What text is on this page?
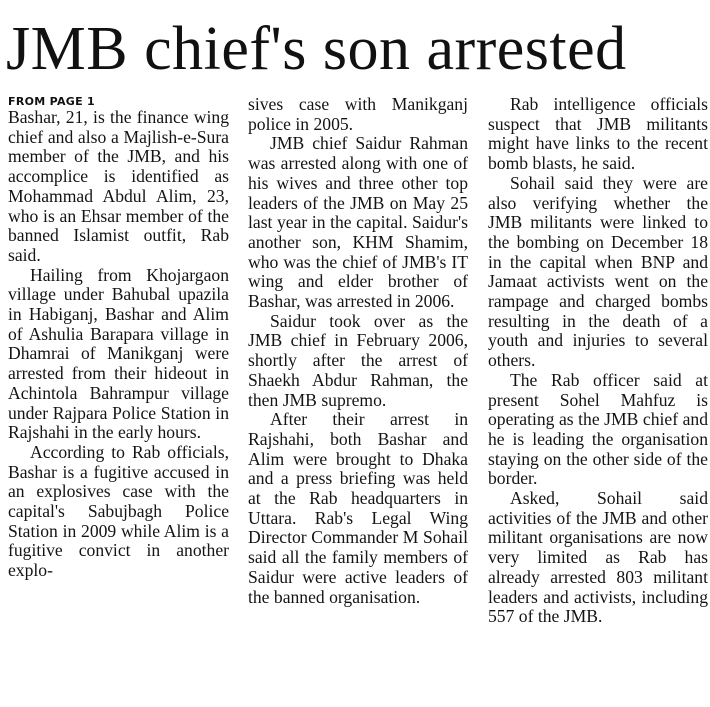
JMB chief's son arrested
FROM PAGE 1

Bashar, 21, is the finance wing chief and also a Majlish-e-Sura member of the JMB, and his accomplice is identified as Mohammad Abdul Alim, 23, who is an Ehsar member of the banned Islamist outfit, Rab said.

Hailing from Khojargaon village under Bahubal upazila in Habiganj, Bashar and Alim of Ashulia Barapara village in Dhamrai of Manikganj were arrested from their hideout in Achintola Bahrampur village under Rajpara Police Station in Rajshahi in the early hours.

According to Rab officials, Bashar is a fugitive accused in an explosives case with the capital's Sabujbagh Police Station in 2009 while Alim is a fugitive convict in another explo-

sives case with Manikganj police in 2005.

JMB chief Saidur Rahman was arrested along with one of his wives and three other top leaders of the JMB on May 25 last year in the capital. Saidur's another son, KHM Shamim, who was the chief of JMB's IT wing and elder brother of Bashar, was arrested in 2006.

Saidur took over as the JMB chief in February 2006, shortly after the arrest of Shaekh Abdur Rahman, the then JMB supremo.

After their arrest in Rajshahi, both Bashar and Alim were brought to Dhaka and a press briefing was held at the Rab headquarters in Uttara. Rab's Legal Wing Director Commander M Sohail said all the family members of Saidur were active leaders of the banned organisation.

Rab intelligence officials suspect that JMB militants might have links to the recent bomb blasts, he said.

Sohail said they were are also verifying whether the JMB militants were linked to the bombing on December 18 in the capital when BNP and Jamaat activists went on the rampage and charged bombs resulting in the death of a youth and injuries to several others.

The Rab officer said at present Sohel Mahfuz is operating as the JMB chief and he is leading the organisation staying on the other side of the border.

Asked, Sohail said activities of the JMB and other militant organisations are now very limited as Rab has already arrested 803 militant leaders and activists, including 557 of the JMB.
